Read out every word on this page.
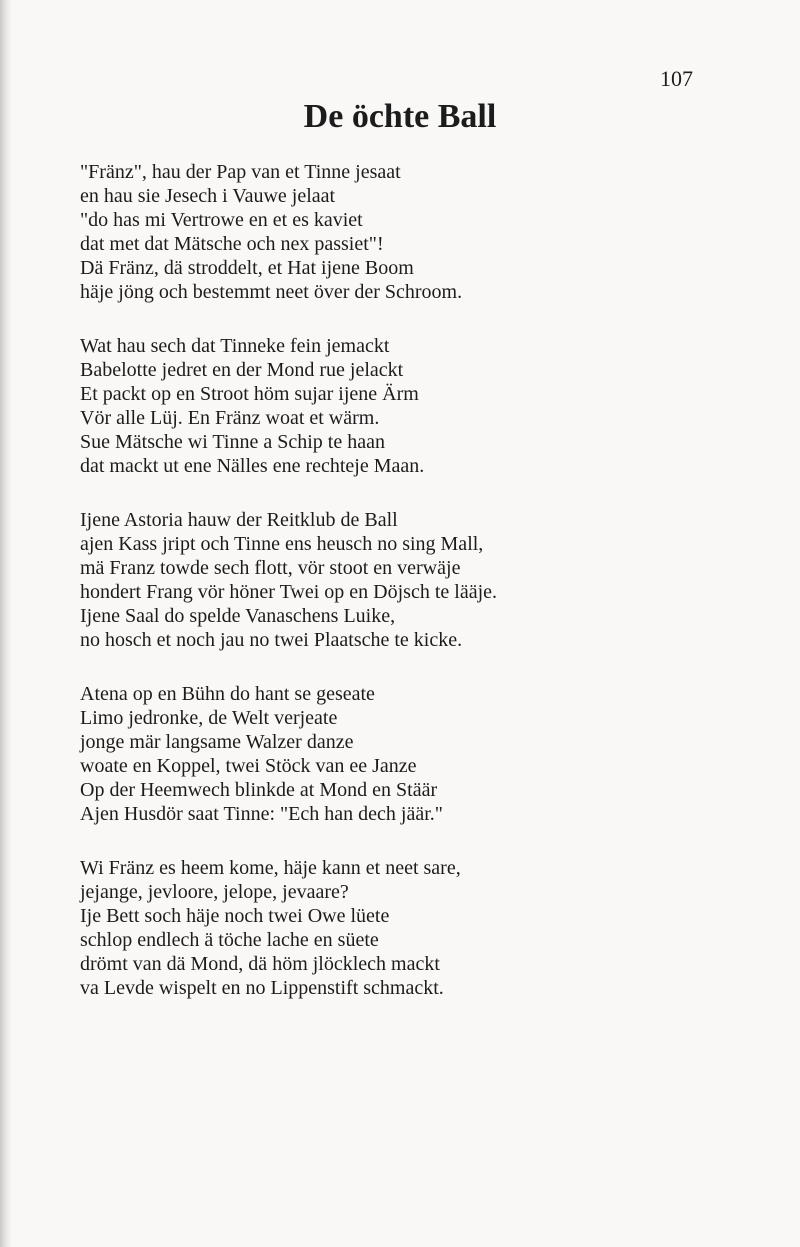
107
De öchte Ball
"Fränz", hau der Pap van et Tinne jesaat
en hau sie Jesech i Vauwe jelaat
"do has mi Vertrowe en et es kaviet
dat met dat Mätsche och nex passiet"!
Dä Fränz, dä stroddelt, et Hat ijene Boom
häje jöng och bestemmt neet över der Schroom.
Wat hau sech dat Tinneke fein jemackt
Babelotte jedret en der Mond rue jelackt
Et packt op en Stroot höm sujar ijene Ärm
Vör alle Lüj. En Fränz woat et wärm.
Sue Mätsche wi Tinne a Schip te haan
dat mackt ut ene Nälles ene rechteje Maan.
Ijene Astoria hauw der Reitklub de Ball
ajen Kass jript och Tinne ens heusch no sing Mall,
mä Franz towde sech flott, vör stoot en verwäje
hondert Frang vör höner Twei op en Döjsch te lääje.
Ijene Saal do spelde Vanaschens Luike,
no hosch et noch jau no twei Plaatsche te kicke.
Atena op en Bühn do hant se geseate
Limo jedronke, de Welt verjeate
jonge mär langsame Walzer danze
woate en Koppel, twei Stöck van ee Janze
Op der Heemwech blinkde at Mond en Stäär
Ajen Husdör saat Tinne: "Ech han dech jäär."
Wi Fränz es heem kome, häje kann et neet sare,
jejange, jevloore, jelope, jevaare?
Ije Bett soch häje noch twei Owe lüete
schlop endlech ä töche lache en süete
drömt van dä Mond, dä höm jlöcklech mackt
va Levde wispelt en no Lippenstift schmackt.
